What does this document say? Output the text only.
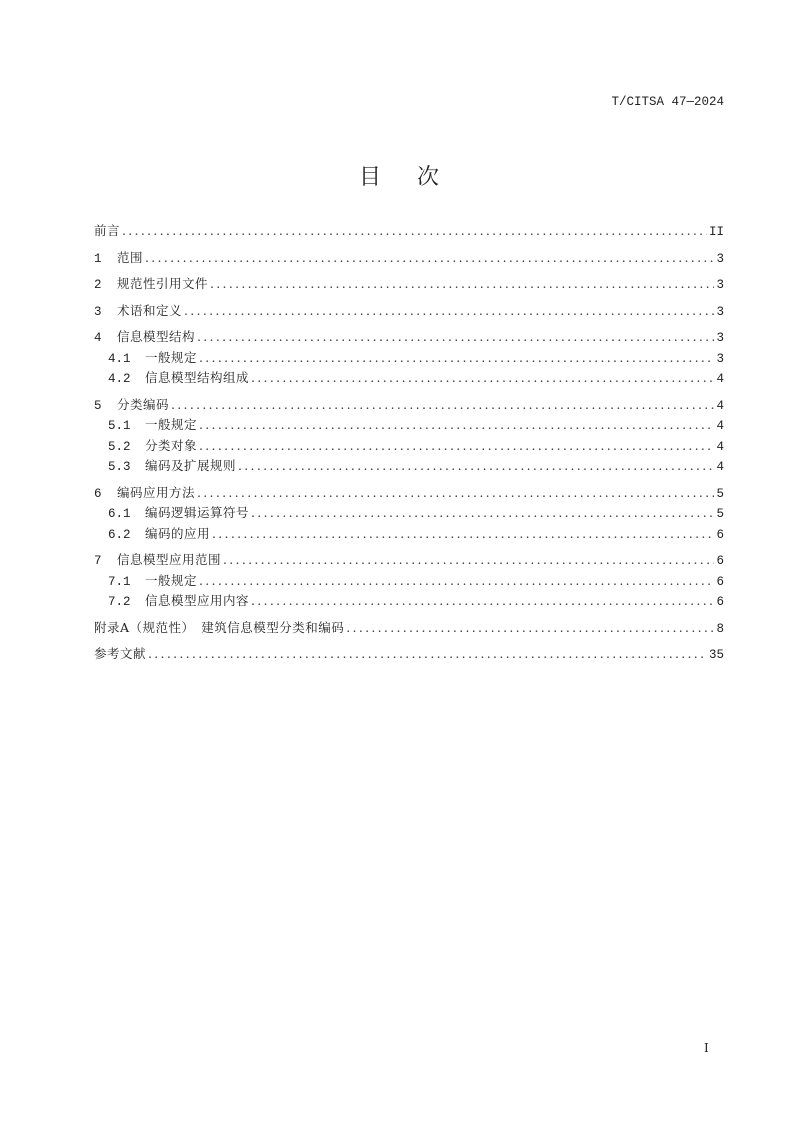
T/CITSA 47—2024
目 次
前言 .....	II
1	范围 .....	3
2	规范性引用文件 .....	3
3	术语和定义 .....	3
4	信息模型结构 .....	3
4.1	一般规定 .....	3
4.2	信息模型结构组成 .....	4
5	分类编码 .....	4
5.1	一般规定 .....	4
5.2	分类对象 .....	4
5.3	编码及扩展规则 .....	4
6	编码应用方法 .....	5
6.1	编码逻辑运算符号 .....	5
6.2	编码的应用 .....	6
7	信息模型应用范围 .....	6
7.1	一般规定 .....	6
7.2	信息模型应用内容 .....	6
附录A（规范性）　建筑信息模型分类和编码 .....	8
参考文献 .....	35
I
